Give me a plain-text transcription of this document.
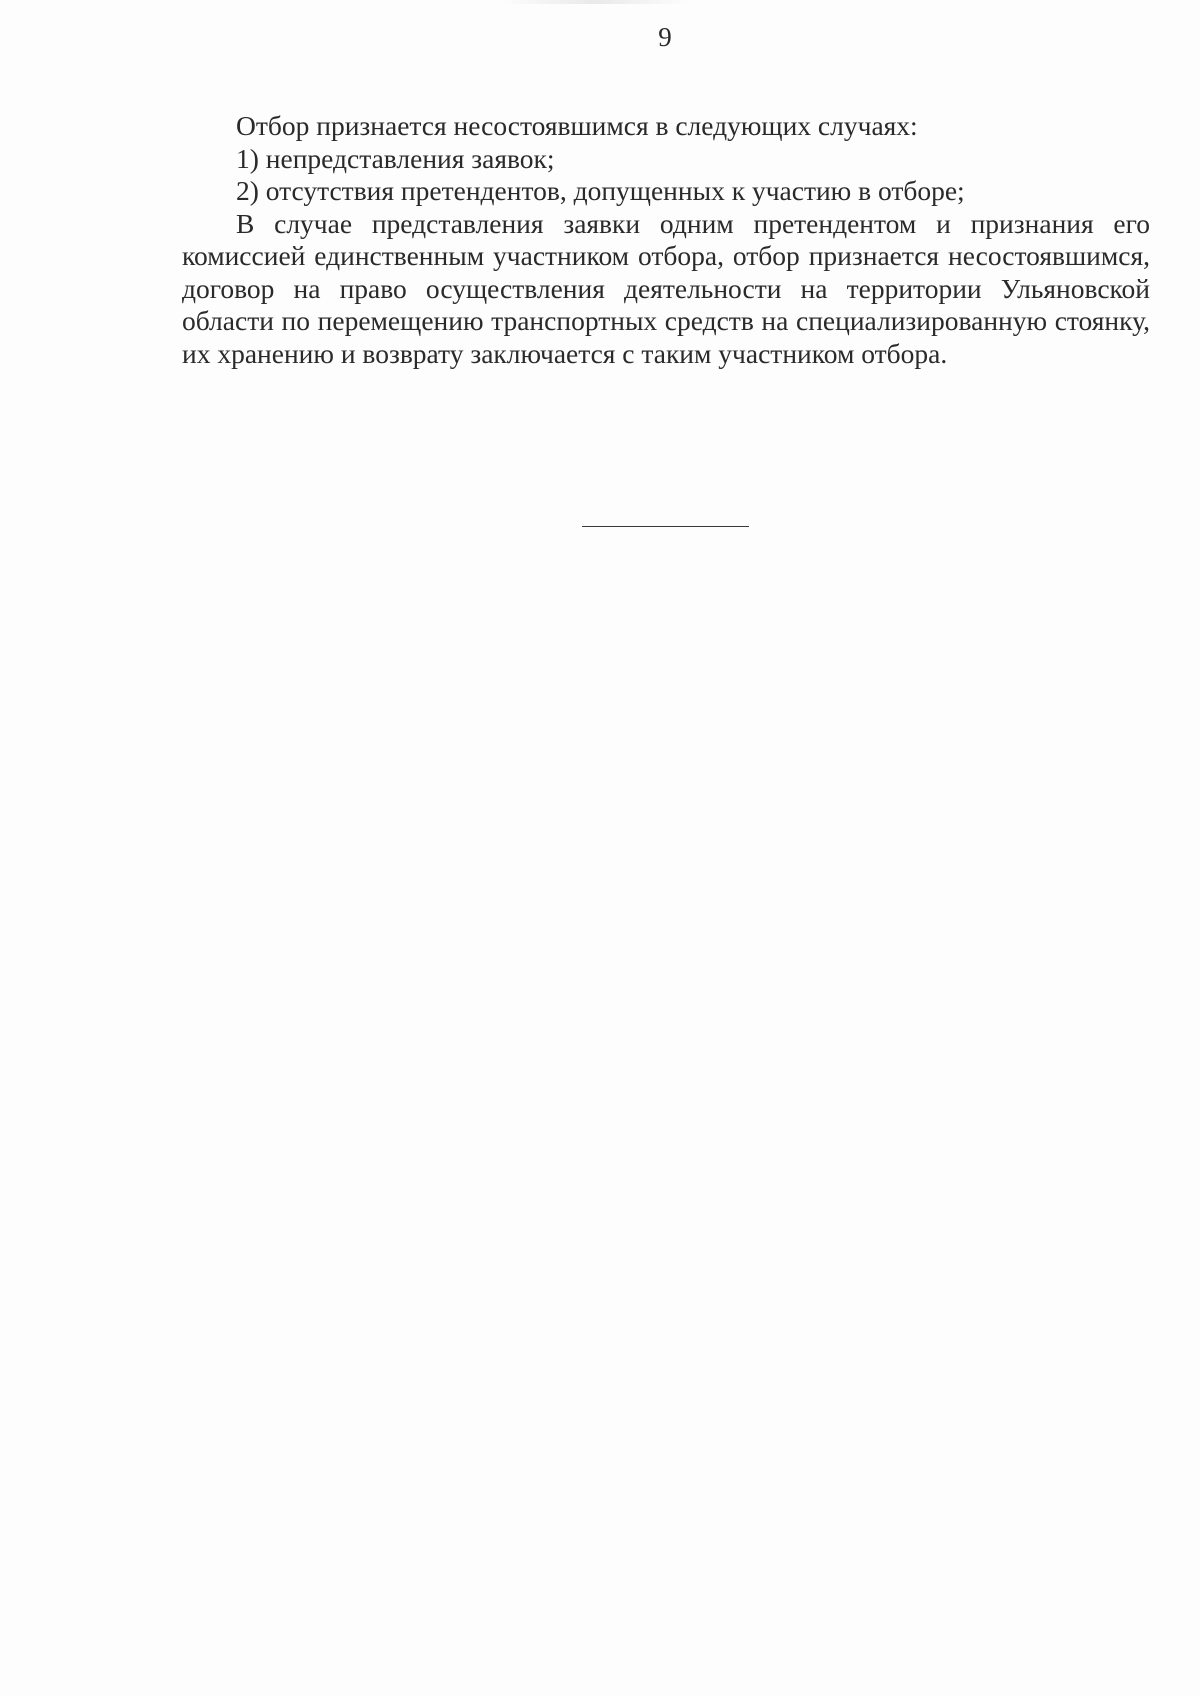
9

Отбор признается несостоявшимся в следующих случаях:

1) непредставления заявок;

2) отсутствия претендентов, допущенных к участию в отборе;

В случае представления заявки одним претендентом и признания его комиссией единственным участником отбора, отбор признается несостоявшимся, договор на право осуществления деятельности на территории Ульяновской области по перемещению транспортных средств на специализированную стоянку, их хранению и возврату заключается с таким участником отбора.
